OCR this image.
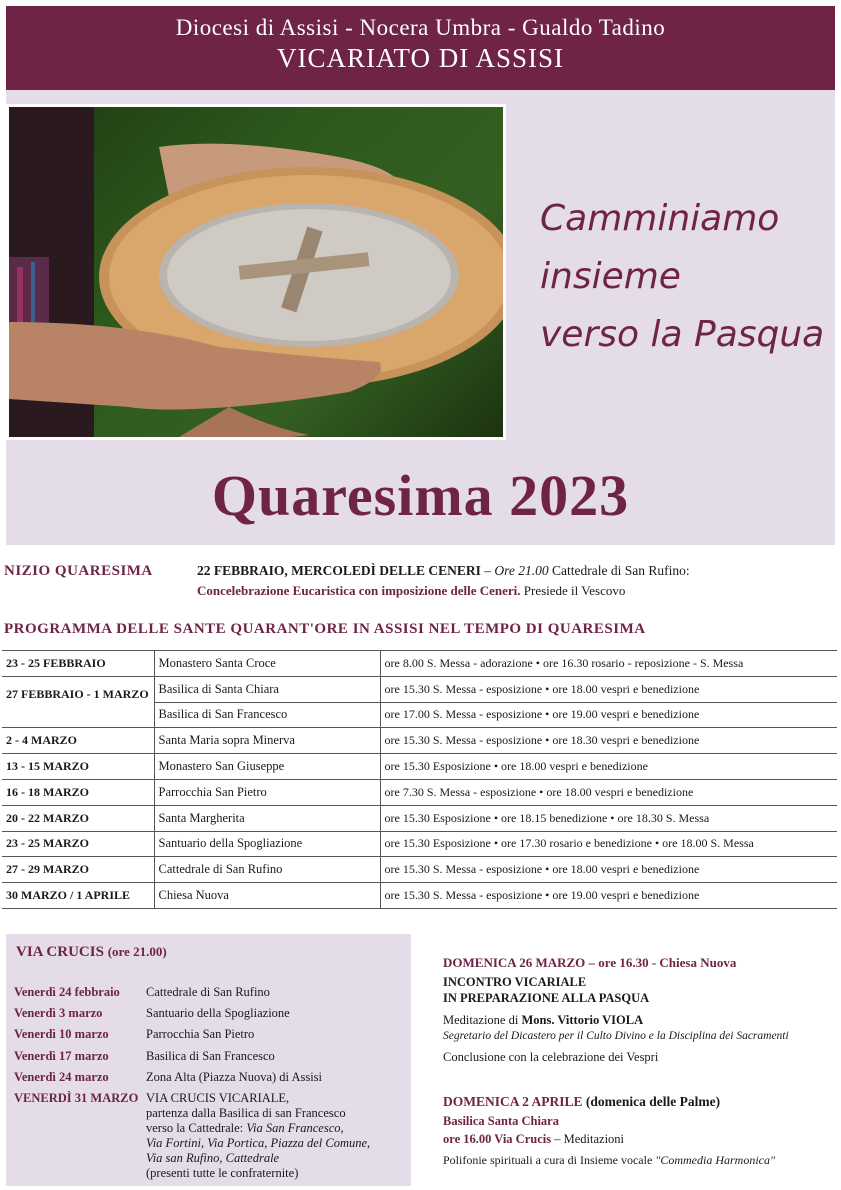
Diocesi di Assisi - Nocera Umbra - Gualdo Tadino
VICARIATO DI ASSISI
Camminiamo
insieme
verso la Pasqua
Quaresima 2023
NIZIO QUARESIMA	22 FEBBRAIO, MERCOLEDÌ DELLE CENERI – Ore 21.00 Cattedrale di San Rufino:
Concelebrazione Eucaristica con imposizione delle Ceneri. Presiede il Vescovo
PROGRAMMA DELLE SANTE QUARANT'ORE IN ASSISI NEL TEMPO DI QUARESIMA
23 - 25 FEBBRAIO	Monastero Santa Croce	ore 8.00 S. Messa - adorazione • ore 16.30 rosario - reposizione - S. Messa
27 FEBBRAIO - 1 MARZO	Basilica di Santa Chiara	ore 15.30 S. Messa - esposizione • ore 18.00 vespri e benedizione
	Basilica di San Francesco	ore 17.00 S. Messa - esposizione • ore 19.00 vespri e benedizione
2 - 4 MARZO	Santa Maria sopra Minerva	ore 15.30 S. Messa - esposizione • ore 18.30 vespri e benedizione
13 - 15 MARZO	Monastero San Giuseppe	ore 15.30 Esposizione • ore 18.00 vespri e benedizione
16 - 18 MARZO	Parrocchia San Pietro	ore 7.30 S. Messa - esposizione • ore 18.00 vespri e benedizione
20 - 22 MARZO	Santa Margherita	ore 15.30 Esposizione • ore 18.15 benedizione • ore 18.30 S. Messa
23 - 25 MARZO	Santuario della Spogliazione	ore 15.30 Esposizione • ore 17.30 rosario e benedizione • ore 18.00 S. Messa
27 - 29 MARZO	Cattedrale di San Rufino	ore 15.30 S. Messa - esposizione • ore 18.00 vespri e benedizione
30 MARZO / 1 APRILE	Chiesa Nuova	ore 15.30 S. Messa - esposizione • ore 19.00 vespri e benedizione
VIA CRUCIS (ore 21.00)
Venerdì 24 febbraio Cattedrale di San Rufino
Venerdì 3 marzo	Santuario della Spogliazione
Venerdì 10 marzo	Parrocchia San Pietro
Venerdì 17 marzo	Basilica di San Francesco
Venerdì 24 marzo	Zona Alta (Piazza Nuova) di Assisi
VENERDÌ 31 MARZO VIA CRUCIS VICARIALE,
partenza dalla Basilica di san Francesco
verso la Cattedrale: Via San Francesco,
Via Fortini, Via Portica, Piazza del Comune,
Via san Rufino, Cattedrale
(presenti tutte le confraternite)
DOMENICA 26 MARZO – ore 16.30 - Chiesa Nuova
INCONTRO VICARIALE
IN PREPARAZIONE ALLA PASQUA
Meditazione di Mons. Vittorio VIOLA
Segretario del Dicastero per il Culto Divino e la Disciplina dei Sacramenti
Conclusione con la celebrazione dei Vespri
DOMENICA 2 APRILE (domenica delle Palme)
Basilica Santa Chiara
ore 16.00 Via Crucis – Meditazioni
Polifonie spirituali a cura di Insieme vocale "Commedia Harmonica"
